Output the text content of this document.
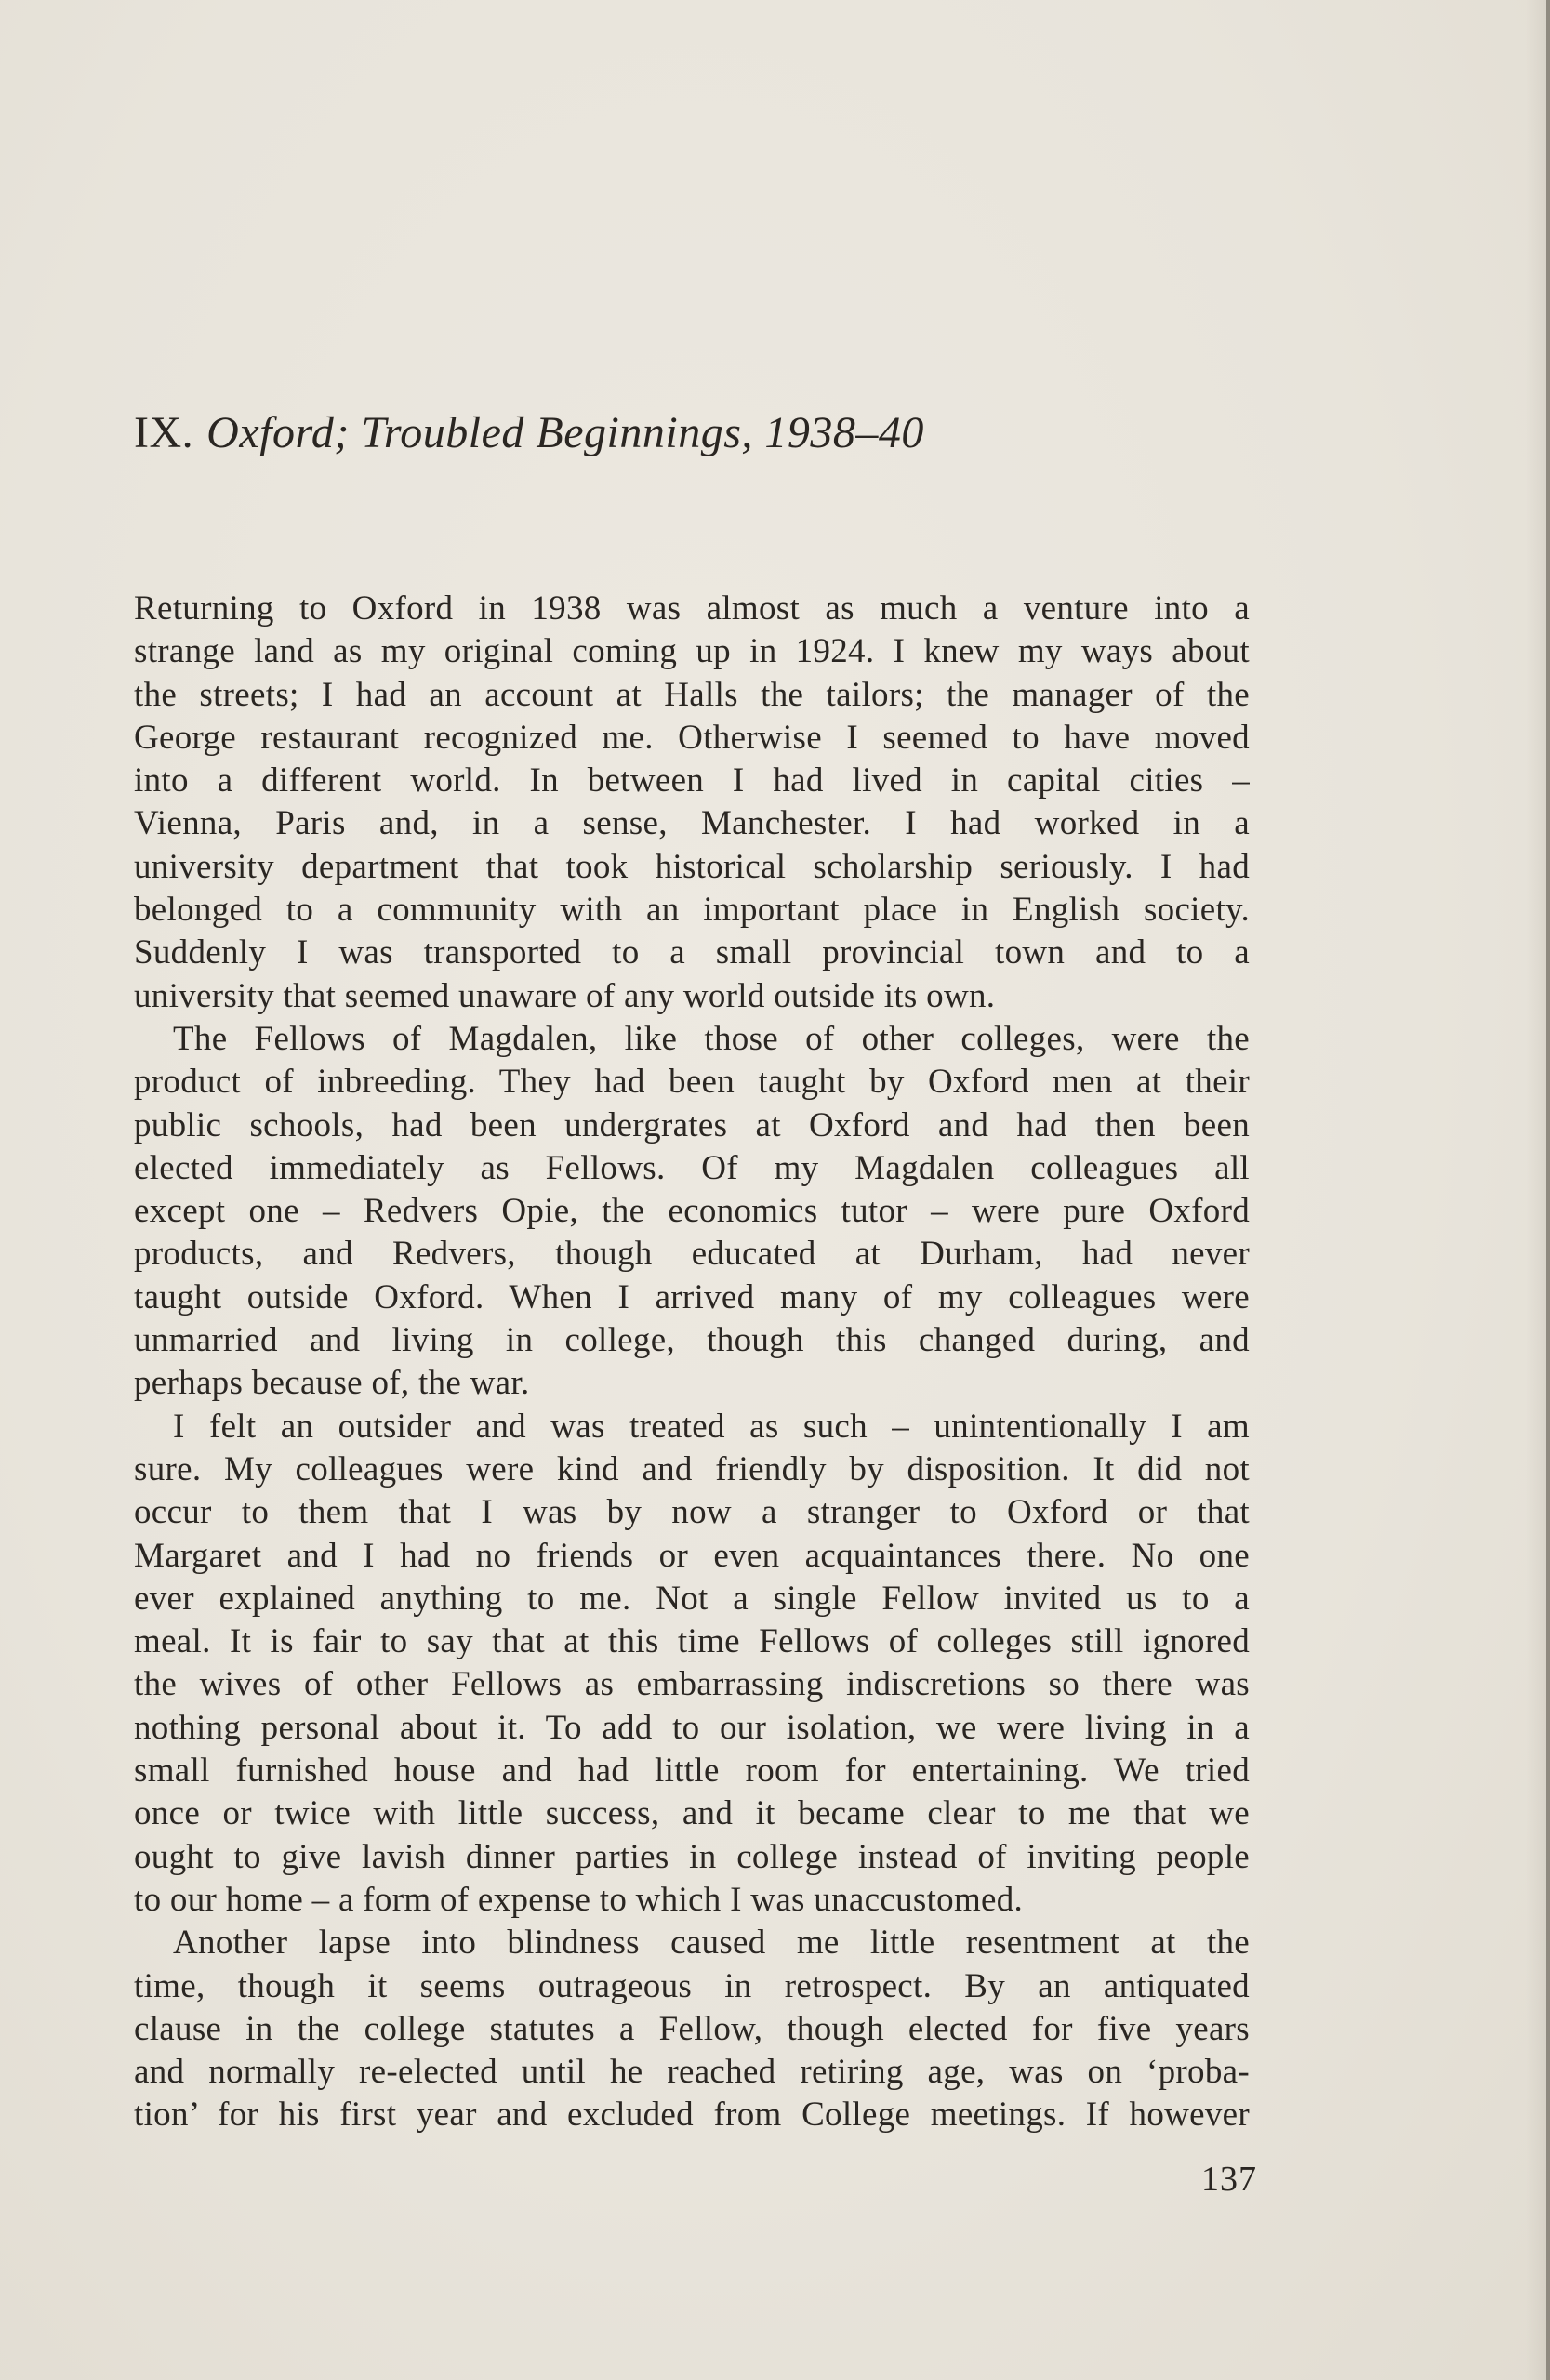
IX. Oxford; Troubled Beginnings, 1938–40
Returning to Oxford in 1938 was almost as much a venture into a
strange land as my original coming up in 1924. I knew my ways about
the streets; I had an account at Halls the tailors; the manager of the
George restaurant recognized me. Otherwise I seemed to have moved
into a different world. In between I had lived in capital cities –
Vienna, Paris and, in a sense, Manchester. I had worked in a
university department that took historical scholarship seriously. I had
belonged to a community with an important place in English society.
Suddenly I was transported to a small provincial town and to a
university that seemed unaware of any world outside its own.
The Fellows of Magdalen, like those of other colleges, were the
product of inbreeding. They had been taught by Oxford men at their
public schools, had been undergrates at Oxford and had then been
elected immediately as Fellows. Of my Magdalen colleagues all
except one – Redvers Opie, the economics tutor – were pure Oxford
products, and Redvers, though educated at Durham, had never
taught outside Oxford. When I arrived many of my colleagues were
unmarried and living in college, though this changed during, and
perhaps because of, the war.
I felt an outsider and was treated as such – unintentionally I am
sure. My colleagues were kind and friendly by disposition. It did not
occur to them that I was by now a stranger to Oxford or that
Margaret and I had no friends or even acquaintances there. No one
ever explained anything to me. Not a single Fellow invited us to a
meal. It is fair to say that at this time Fellows of colleges still ignored
the wives of other Fellows as embarrassing indiscretions so there was
nothing personal about it. To add to our isolation, we were living in a
small furnished house and had little room for entertaining. We tried
once or twice with little success, and it became clear to me that we
ought to give lavish dinner parties in college instead of inviting people
to our home – a form of expense to which I was unaccustomed.
Another lapse into blindness caused me little resentment at the
time, though it seems outrageous in retrospect. By an antiquated
clause in the college statutes a Fellow, though elected for five years
and normally re-elected until he reached retiring age, was on ‘proba-
tion’ for his first year and excluded from College meetings. If however
137
